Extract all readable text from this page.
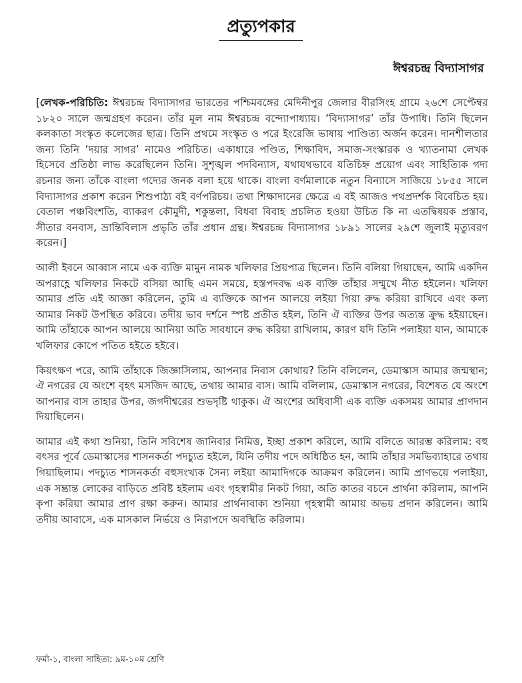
প্রত্যুপকার
ঈশ্বরচন্দ্র বিদ্যাসাগর

[লেখক-পরিচিতি: ঈশ্বরচন্দ্র বিদ্যাসাগর ভারতের পশ্চিমবঙ্গের মেদিনীপুর জেলার বীরসিংহ গ্রামে ২৬শে সেপ্টেম্বর ১৮২০ সালে জন্মগ্রহণ করেন। তাঁর মূল নাম ঈশ্বরচন্দ্র বন্দ্যোপাধ্যায়। ‘বিদ্যাসাগর’ তাঁর উপাধি। তিনি ছিলেন কলকাতা সংস্কৃত কলেজের ছাত্র। তিনি প্রথমে সংস্কৃত ও পরে ইংরেজি ভাষায় পাণ্ডিত্য অর্জন করেন। দানশীলতার জন্য তিনি ‘দয়ার সাগর’ নামেও পরিচিত। একাধারে পণ্ডিত, শিক্ষাবিদ, সমাজ-সংস্কারক ও খ্যাতনামা লেখক হিসেবে প্রতিষ্ঠা লাভ করেছিলেন তিনি। সুশৃঙ্খল পদবিন্যাস, যথাযথভাবে যতিচিহ্ন প্রয়োগ এবং সাহিত্যিক গদ্য রচনার জন্য তাঁকে বাংলা গদ্যের জনক বলা হয়ে থাকে। বাংলা বর্ণমালাকে নতুন বিন্যাসে সাজিয়ে ১৮৫৫ সালে বিদ্যাসাগর প্রকাশ করেন শিশুপাঠ্য বই বর্ণপরিচয়। তথা শিক্ষাদানের ক্ষেত্রে এ বই আজও পথপ্রদর্শক বিবেচিত হয়। বেতাল পঞ্চবিংশতি, ব্যাকরণ কৌমুদী, শকুন্তলা, বিধবা বিবাহ প্রচলিত হওয়া উচিত কি না এতদ্বিষয়ক প্রস্তাব, সীতার বনবাস, ভ্রান্তিবিলাস প্রভৃতি তাঁর প্রধান গ্রন্থ। ঈশ্বরচন্দ্র বিদ্যাসাগর ১৮৯১ সালের ২৯শে জুলাই মৃত্যুবরণ করেন।]

আলী ইবনে আব্বাস নামে এক ব্যক্তি মামুন নামক খলিফার প্রিয়পাত্র ছিলেন। তিনি বলিয়া গিয়াছেন, আমি একদিন অপরাহ্ণে খলিফার নিকটে বসিয়া আছি এমন সময়ে, হস্তপদবদ্ধ এক ব্যক্তি তাঁহার সম্মুখে নীত হইলেন। খলিফা আমার প্রতি এই আজ্ঞা করিলেন, তুমি এ ব্যক্তিকে আপন আলয়ে লইয়া গিয়া রুদ্ধ করিয়া রাখিবে এবং কল্য আমার নিকট উপস্থিত করিবে। তদীয় ভাব দর্শনে স্পষ্ট প্রতীত হইল, তিনি ঐ ব্যক্তির উপর অত্যন্ত ক্রুদ্ধ হইয়াছেন। আমি তাঁহাকে আপন আলয়ে আনিয়া অতি সাবধানে রুদ্ধ করিয়া রাখিলাম, কারণ যদি তিনি পলাইয়া যান, আমাকে খলিফার কোপে পতিত হইতে হইবে।

কিয়ৎক্ষণ পরে, আমি তাঁহাকে জিজ্ঞাসিলাম, আপনার নিবাস কোথায়? তিনি বলিলেন, ডেমাস্কাস আমার জন্মস্থান; ঐ নগরের যে অংশে বৃহৎ মসজিদ আছে, তথায় আমার বাস। আমি বলিলাম, ডেমাস্কাস নগরের, বিশেষত যে অংশে আপনার বাস তাহার উপর, জগদীশ্বরের শুভদৃষ্টি থাকুক। ঐ অংশের অধিবাসী এক ব্যক্তি একসময় আমার প্রাণদান দিয়াছিলেন।

আমার এই কথা শুনিয়া, তিনি সবিশেষ জানিবার নিমিত্ত, ইচ্ছা প্রকাশ করিলে, আমি বলিতে আরম্ভ করিলাম: বহু বৎসর পূর্বে ডেমাস্কাসের শাসনকর্তা পদচ্যুত হইলে, যিনি তদীয় পদে অধিষ্ঠিত হন, আমি তাঁহার সমভিব্যাহারে তথায় গিয়াছিলাম। পদচ্যুত শাসনকর্তা বহুসংখ্যক সৈন্য লইয়া আমাদিগকে আক্রমণ করিলেন। আমি প্রাণভয়ে পলাইয়া, এক সম্ভ্রান্ত লোকের বাড়িতে প্রবিষ্ট হইলাম এবং গৃহস্বামীর নিকট গিয়া, অতি কাতর বচনে প্রার্থনা করিলাম, আপনি কৃপা করিয়া আমার প্রাণ রক্ষা করুন। আমার প্রার্থনাবাক্য শুনিয়া গৃহস্বামী আমায় অভয় প্রদান করিলেন। আমি তদীয় আবাসে, এক মাসকাল নির্ভয়ে ও নিরাপদে অবস্থিতি করিলাম।

ফর্মা-১, বাংলা সাহিত্য: ৯ম-১০ম শ্রেণি
